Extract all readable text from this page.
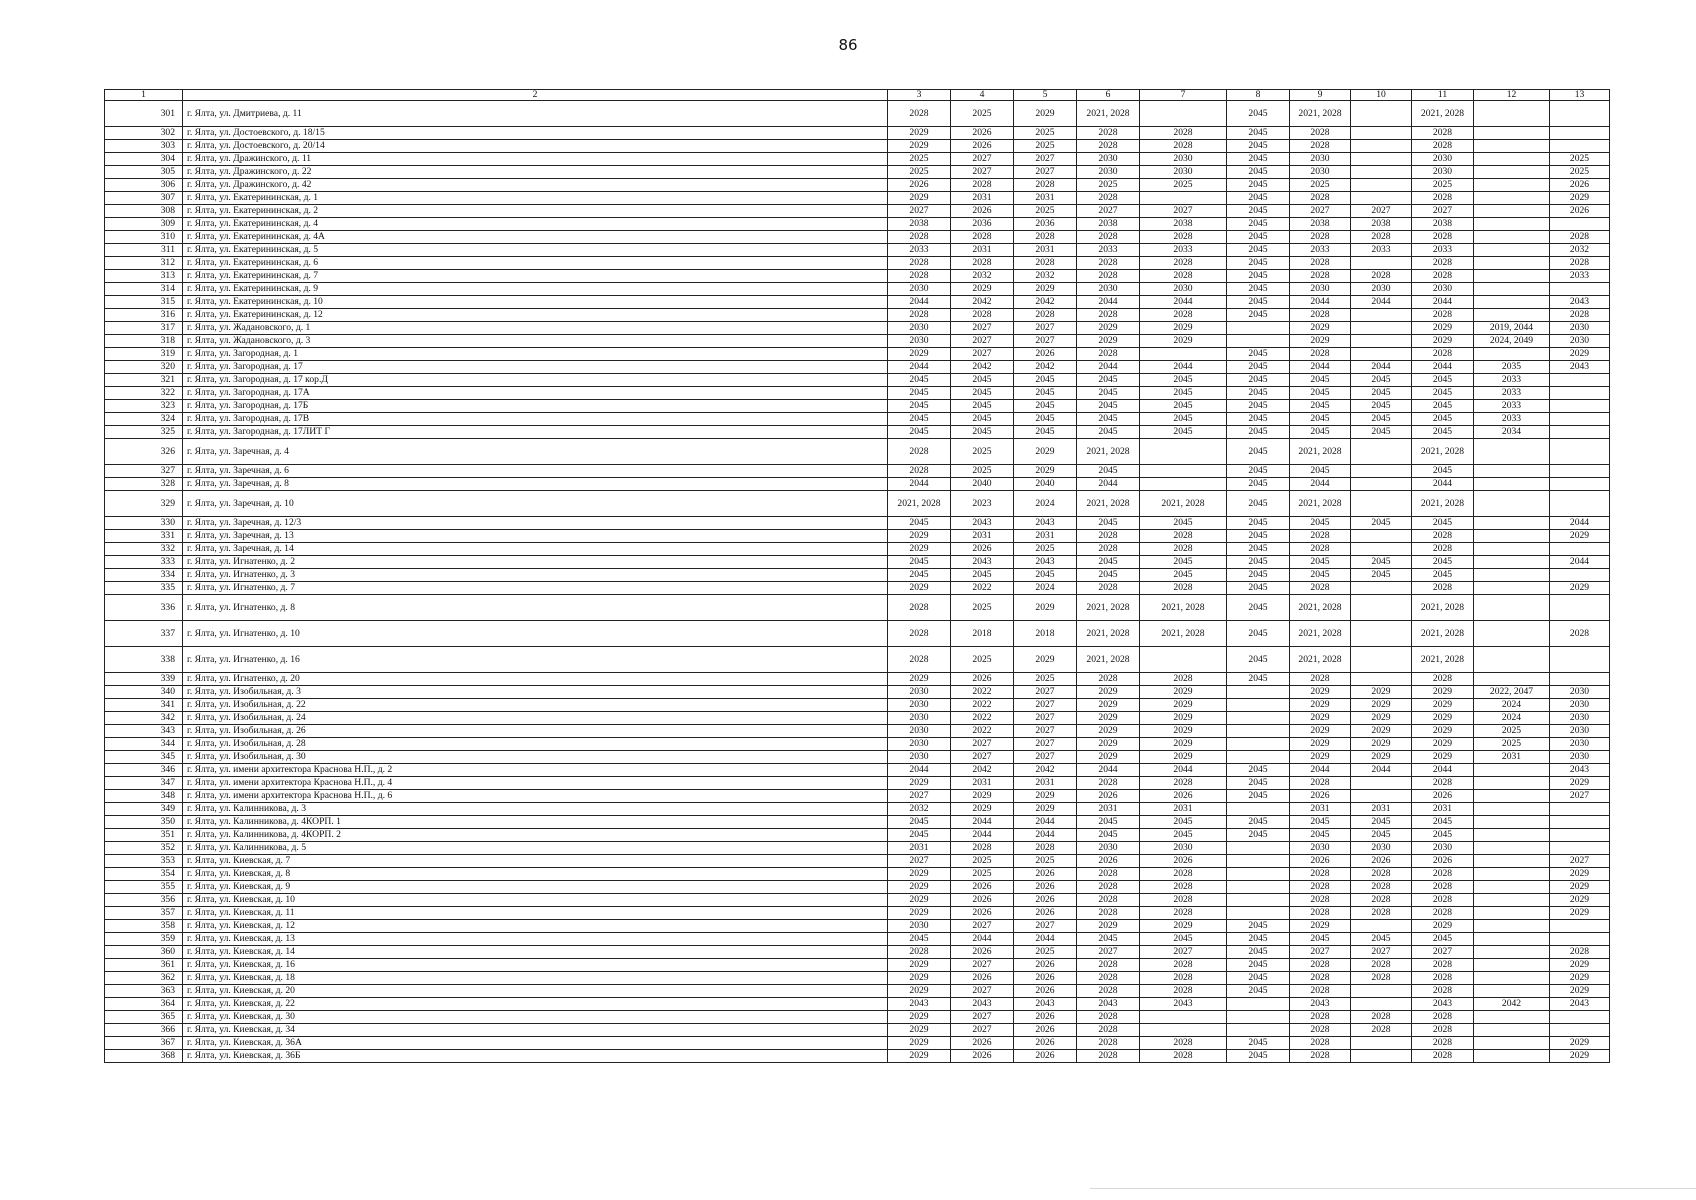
86
1	2	3	4	5	6	7	8	9	10	11	12	13
301	г. Ялта, ул. Дмитриева, д. 11	2028	2025	2029	2021, 2028		2045	2021, 2028		2021, 2028		
302	г. Ялта, ул. Достоевского, д. 18/15	2029	2026	2025	2028	2028	2045	2028		2028		
303	г. Ялта, ул. Достоевского, д. 20/14	2029	2026	2025	2028	2028	2045	2028		2028		
304	г. Ялта, ул. Дражинского, д. 11	2025	2027	2027	2030	2030	2045	2030		2030		2025
305	г. Ялта, ул. Дражинского, д. 22	2025	2027	2027	2030	2030	2045	2030		2030		2025
306	г. Ялта, ул. Дражинского, д. 42	2026	2028	2028	2025	2025	2045	2025		2025		2026
307	г. Ялта, ул. Екатерининская, д. 1	2029	2031	2031	2028		2045	2028		2028		2029
308	г. Ялта, ул. Екатерининская, д. 2	2027	2026	2025	2027	2027	2045	2027	2027	2027		2026
309	г. Ялта, ул. Екатерининская, д. 4	2038	2036	2036	2038	2038	2045	2038	2038	2038		
310	г. Ялта, ул. Екатерининская, д. 4А	2028	2028	2028	2028	2028	2045	2028	2028	2028		2028
311	г. Ялта, ул. Екатерининская, д. 5	2033	2031	2031	2033	2033	2045	2033	2033	2033		2032
312	г. Ялта, ул. Екатерининская, д. 6	2028	2028	2028	2028	2028	2045	2028		2028		2028
313	г. Ялта, ул. Екатерининская, д. 7	2028	2032	2032	2028	2028	2045	2028	2028	2028		2033
314	г. Ялта, ул. Екатерининская, д. 9	2030	2029	2029	2030	2030	2045	2030	2030	2030		
315	г. Ялта, ул. Екатерининская, д. 10	2044	2042	2042	2044	2044	2045	2044	2044	2044		2043
316	г. Ялта, ул. Екатерининская, д. 12	2028	2028	2028	2028	2028	2045	2028		2028		2028
317	г. Ялта, ул. Жадановского, д. 1	2030	2027	2027	2029	2029		2029		2029	2019, 2044	2030
318	г. Ялта, ул. Жадановского, д. 3	2030	2027	2027	2029	2029		2029		2029	2024, 2049	2030
319	г. Ялта, ул. Загородная, д. 1	2029	2027	2026	2028		2045	2028		2028		2029
320	г. Ялта, ул. Загородная, д. 17	2044	2042	2042	2044	2044	2045	2044	2044	2044	2035	2043
321	г. Ялта, ул. Загородная, д. 17 кор.Д	2045	2045	2045	2045	2045	2045	2045	2045	2045	2033	
322	г. Ялта, ул. Загородная, д. 17А	2045	2045	2045	2045	2045	2045	2045	2045	2045	2033	
323	г. Ялта, ул. Загородная, д. 17Б	2045	2045	2045	2045	2045	2045	2045	2045	2045	2033	
324	г. Ялта, ул. Загородная, д. 17В	2045	2045	2045	2045	2045	2045	2045	2045	2045	2033	
325	г. Ялта, ул. Загородная, д. 17ЛИТ Г	2045	2045	2045	2045	2045	2045	2045	2045	2045	2034	
326	г. Ялта, ул. Заречная, д. 4	2028	2025	2029	2021, 2028		2045	2021, 2028		2021, 2028		
327	г. Ялта, ул. Заречная, д. 6	2028	2025	2029	2045		2045	2045		2045		
328	г. Ялта, ул. Заречная, д. 8	2044	2040	2040	2044		2045	2044		2044		
329	г. Ялта, ул. Заречная, д. 10	2021, 2028	2023	2024	2021, 2028	2021, 2028	2045	2021, 2028		2021, 2028		
330	г. Ялта, ул. Заречная, д. 12/3	2045	2043	2043	2045	2045	2045	2045	2045	2045		2044
331	г. Ялта, ул. Заречная, д. 13	2029	2031	2031	2028	2028	2045	2028		2028		2029
332	г. Ялта, ул. Заречная, д. 14	2029	2026	2025	2028	2028	2045	2028		2028		
333	г. Ялта, ул. Игнатенко, д. 2	2045	2043	2043	2045	2045	2045	2045	2045	2045		2044
334	г. Ялта, ул. Игнатенко, д. 3	2045	2045	2045	2045	2045	2045	2045	2045	2045		
335	г. Ялта, ул. Игнатенко, д. 7	2029	2022	2024	2028	2028	2045	2028		2028		2029
336	г. Ялта, ул. Игнатенко, д. 8	2028	2025	2029	2021, 2028	2021, 2028	2045	2021, 2028		2021, 2028		
337	г. Ялта, ул. Игнатенко, д. 10	2028	2018	2018	2021, 2028	2021, 2028	2045	2021, 2028		2021, 2028		2028
338	г. Ялта, ул. Игнатенко, д. 16	2028	2025	2029	2021, 2028		2045	2021, 2028		2021, 2028		
339	г. Ялта, ул. Игнатенко, д. 20	2029	2026	2025	2028	2028	2045	2028		2028		
340	г. Ялта, ул. Изобильная, д. 3	2030	2022	2027	2029	2029		2029	2029	2029	2022, 2047	2030
341	г. Ялта, ул. Изобильная, д. 22	2030	2022	2027	2029	2029		2029	2029	2029	2024	2030
342	г. Ялта, ул. Изобильная, д. 24	2030	2022	2027	2029	2029		2029	2029	2029	2024	2030
343	г. Ялта, ул. Изобильная, д. 26	2030	2022	2027	2029	2029		2029	2029	2029	2025	2030
344	г. Ялта, ул. Изобильная, д. 28	2030	2027	2027	2029	2029		2029	2029	2029	2025	2030
345	г. Ялта, ул. Изобильная, д. 30	2030	2027	2027	2029	2029		2029	2029	2029	2031	2030
346	г. Ялта, ул. имени архитектора Краснова Н.П., д. 2	2044	2042	2042	2044	2044	2045	2044	2044	2044		2043
347	г. Ялта, ул. имени архитектора Краснова Н.П., д. 4	2029	2031	2031	2028	2028	2045	2028		2028		2029
348	г. Ялта, ул. имени архитектора Краснова Н.П., д. 6	2027	2029	2029	2026	2026	2045	2026		2026		2027
349	г. Ялта, ул. Калинникова, д. 3	2032	2029	2029	2031	2031		2031	2031	2031		
350	г. Ялта, ул. Калинникова, д. 4КОРП. 1	2045	2044	2044	2045	2045	2045	2045	2045	2045		
351	г. Ялта, ул. Калинникова, д. 4КОРП. 2	2045	2044	2044	2045	2045	2045	2045	2045	2045		
352	г. Ялта, ул. Калинникова, д. 5	2031	2028	2028	2030	2030		2030	2030	2030		
353	г. Ялта, ул. Киевская, д. 7	2027	2025	2025	2026	2026		2026	2026	2026		2027
354	г. Ялта, ул. Киевская, д. 8	2029	2025	2026	2028	2028		2028	2028	2028		2029
355	г. Ялта, ул. Киевская, д. 9	2029	2026	2026	2028	2028		2028	2028	2028		2029
356	г. Ялта, ул. Киевская, д. 10	2029	2026	2026	2028	2028		2028	2028	2028		2029
357	г. Ялта, ул. Киевская, д. 11	2029	2026	2026	2028	2028		2028	2028	2028		2029
358	г. Ялта, ул. Киевская, д. 12	2030	2027	2027	2029	2029	2045	2029		2029		
359	г. Ялта, ул. Киевская, д. 13	2045	2044	2044	2045	2045	2045	2045	2045	2045		
360	г. Ялта, ул. Киевская, д. 14	2028	2026	2025	2027	2027	2045	2027	2027	2027		2028
361	г. Ялта, ул. Киевская, д. 16	2029	2027	2026	2028	2028	2045	2028	2028	2028		2029
362	г. Ялта, ул. Киевская, д. 18	2029	2026	2026	2028	2028	2045	2028	2028	2028		2029
363	г. Ялта, ул. Киевская, д. 20	2029	2027	2026	2028	2028	2045	2028		2028		2029
364	г. Ялта, ул. Киевская, д. 22	2043	2043	2043	2043	2043		2043		2043	2042	2043
365	г. Ялта, ул. Киевская, д. 30	2029	2027	2026	2028			2028	2028	2028		
366	г. Ялта, ул. Киевская, д. 34	2029	2027	2026	2028			2028	2028	2028		
367	г. Ялта, ул. Киевская, д. 36А	2029	2026	2026	2028	2028	2045	2028		2028		2029
368	г. Ялта, ул. Киевская, д. 36Б	2029	2026	2026	2028	2028	2045	2028		2028		2029
